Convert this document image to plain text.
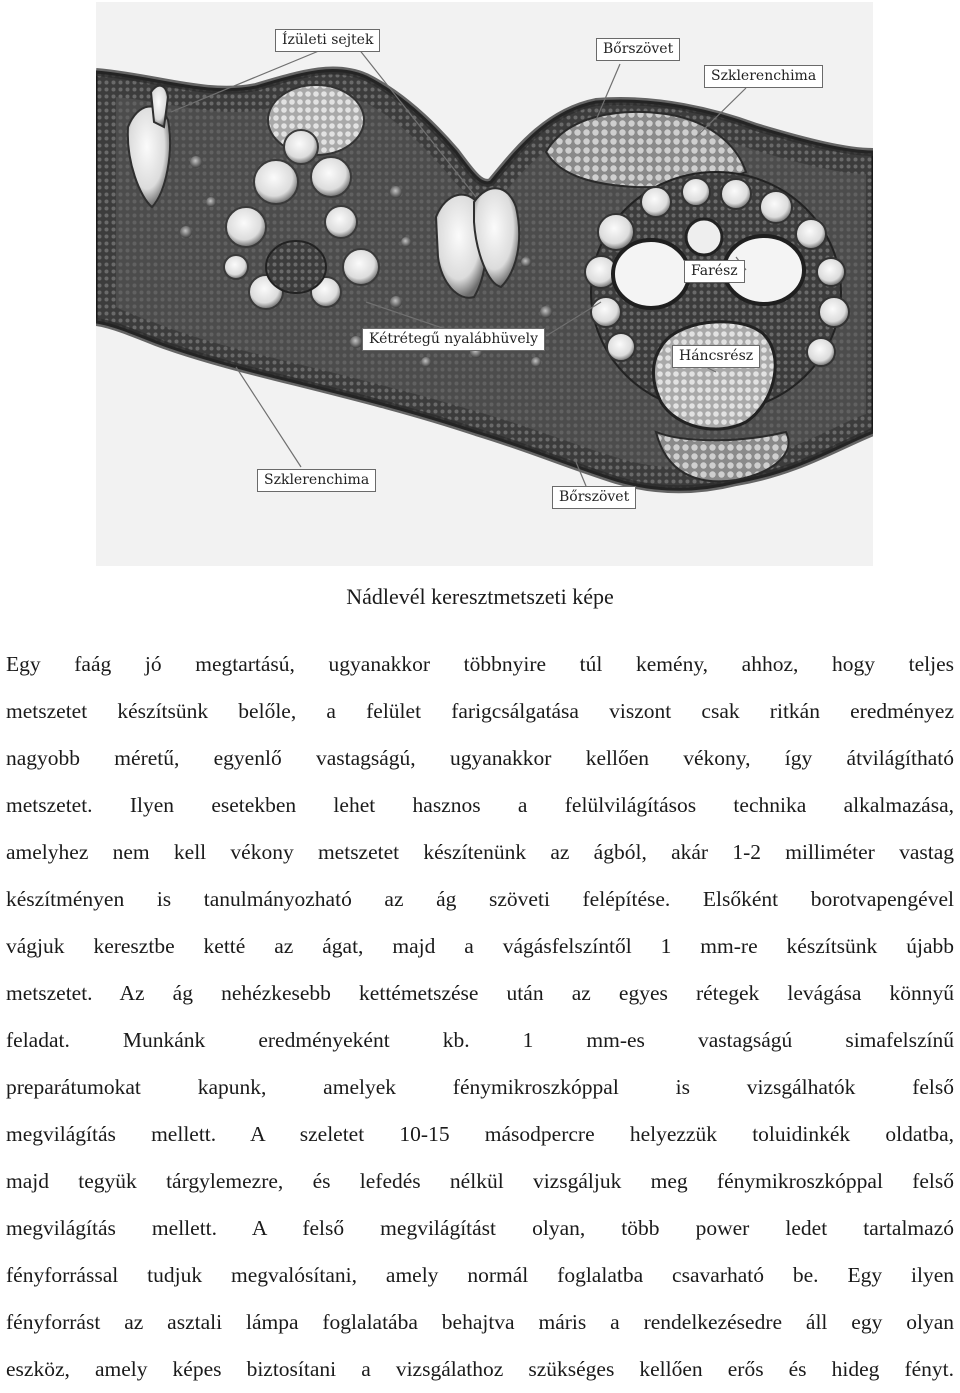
Ízületi sejtek
Bőrszövet
Szklerenchima
Farész
Kétrétegű nyalábhüvely
Háncsrész
Szklerenchima
Bőrszövet
Nádlevél keresztmetszeti képe
Egy faág jó megtartású, ugyanakkor többnyire túl kemény, ahhoz, hogy teljes
metszetet készítsünk belőle, a felület farigcsálgatása viszont csak ritkán eredményez
nagyobb méretű, egyenlő vastagságú, ugyanakkor kellően vékony, így átvilágítható
metszetet. Ilyen esetekben lehet hasznos a felülvilágításos technika alkalmazása,
amelyhez nem kell vékony metszetet készítenünk az ágból, akár 1-2 milliméter vastag
készítményen is tanulmányozható az ág szöveti felépítése. Elsőként borotvapengével
vágjuk keresztbe ketté az ágat, majd a vágásfelszíntől 1 mm-re készítsünk újabb
metszetet. Az ág nehézkesebb kettémetszése után az egyes rétegek levágása könnyű
feladat. Munkánk eredményeként kb. 1 mm-es vastagságú simafelszínű
preparátumokat kapunk, amelyek fénymikroszkóppal is vizsgálhatók felső
megvilágítás mellett. A szeletet 10-15 másodpercre helyezzük toluidinkék oldatba,
majd tegyük tárgylemezre, és lefedés nélkül vizsgáljuk meg fénymikroszkóppal felső
megvilágítás mellett. A felső megvilágítást olyan, több power ledet tartalmazó
fényforrással tudjuk megvalósítani, amely normál foglalatba csavarható be. Egy ilyen
fényforrást az asztali lámpa foglalatába behajtva máris a rendelkezésedre áll egy olyan
eszköz, amely képes biztosítani a vizsgálathoz szükséges kellően erős és hideg fényt.
